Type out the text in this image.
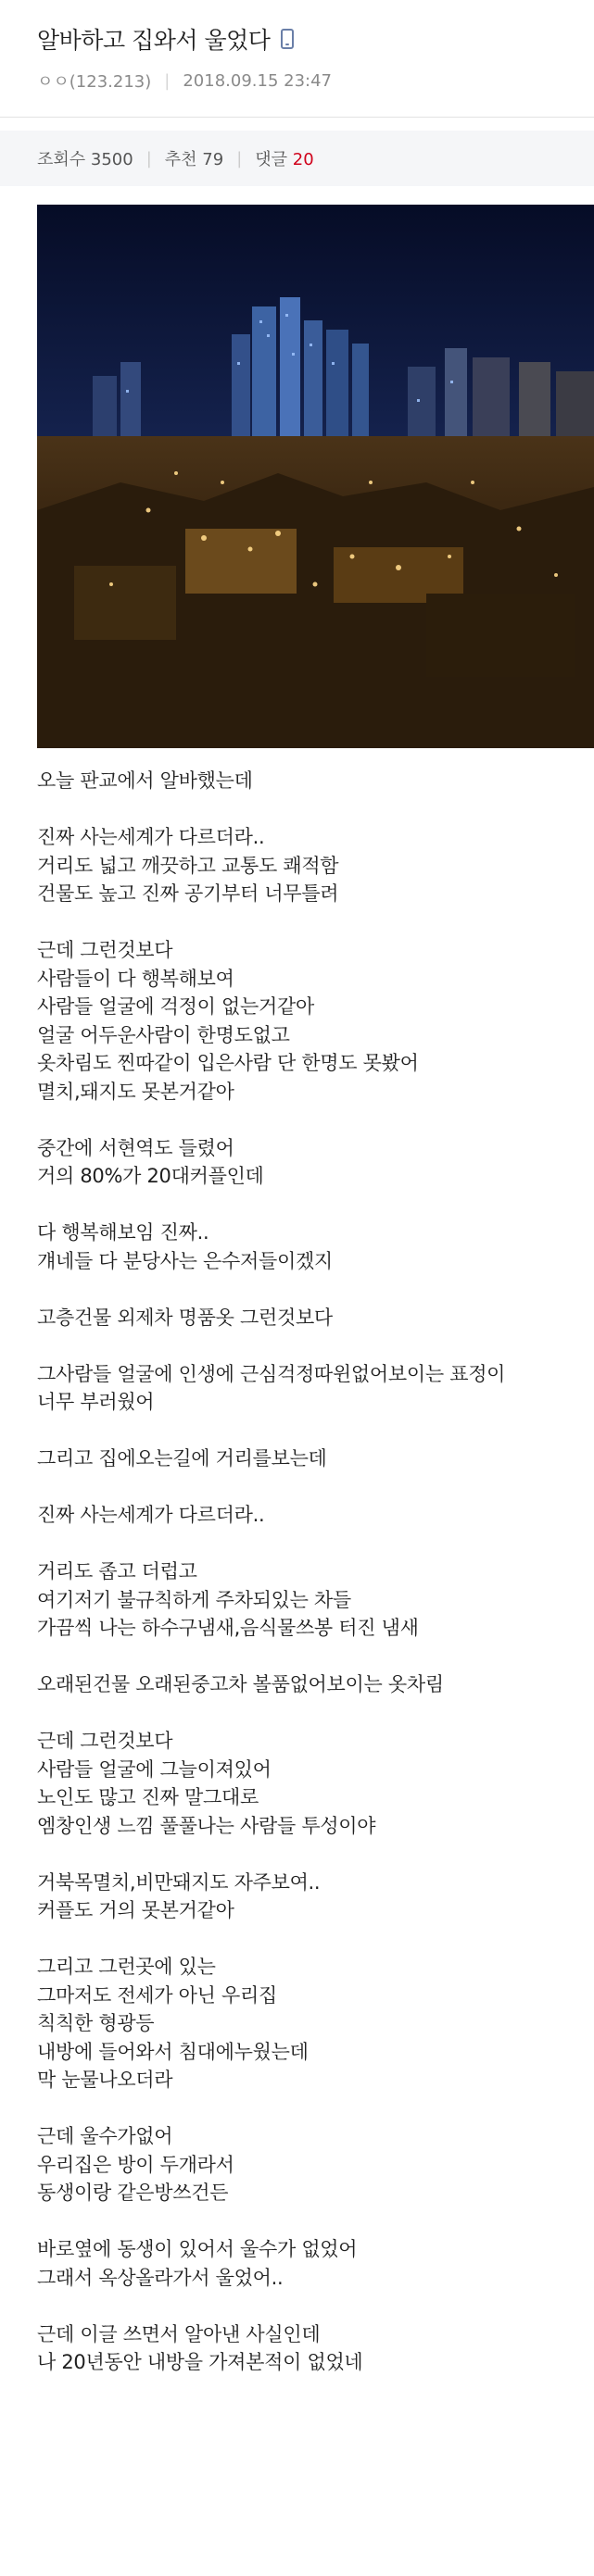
알바하고 집와서 울었다
ㅇㅇ(123.213) | 2018.09.15 23:47
조회수 3500 | 추천 79 | 댓글 20

오늘 판교에서 알바했는데

진짜 사는세계가 다르더라..
거리도 넓고 깨끗하고 교통도 쾌적함
건물도 높고 진짜 공기부터 너무틀려

근데 그런것보다
사람들이 다 행복해보여
사람들 얼굴에 걱정이 없는거같아
얼굴 어두운사람이 한명도없고
옷차림도 찐따같이 입은사람 단 한명도 못봤어
멸치,돼지도 못본거같아

중간에 서현역도 들렸어
거의 80%가 20대커플인데

다 행복해보임 진짜..
걔네들 다 분당사는 은수저들이겠지

고층건물 외제차 명품옷 그런것보다

그사람들 얼굴에 인생에 근심걱정따윈없어보이는 표정이
너무 부러웠어

그리고 집에오는길에 거리를보는데

진짜 사는세계가 다르더라..

거리도 좁고 더럽고
여기저기 불규칙하게 주차되있는 차들
가끔씩 나는 하수구냄새,음식물쓰봉 터진 냄새

오래된건물 오래된중고차 볼품없어보이는 옷차림

근데 그런것보다
사람들 얼굴에 그늘이져있어
노인도 많고 진짜 말그대로
엠창인생 느낌 풀풀나는 사람들 투성이야

거북목멸치,비만돼지도 자주보여..
커플도 거의 못본거같아

그리고 그런곳에 있는
그마저도 전세가 아닌 우리집
칙칙한 형광등
내방에 들어와서 침대에누웠는데
막 눈물나오더라

근데 울수가없어
우리집은 방이 두개라서
동생이랑 같은방쓰건든

바로옆에 동생이 있어서 울수가 없었어
그래서 옥상올라가서 울었어..

근데 이글 쓰면서 알아낸 사실인데
나 20년동안 내방을 가져본적이 없었네
